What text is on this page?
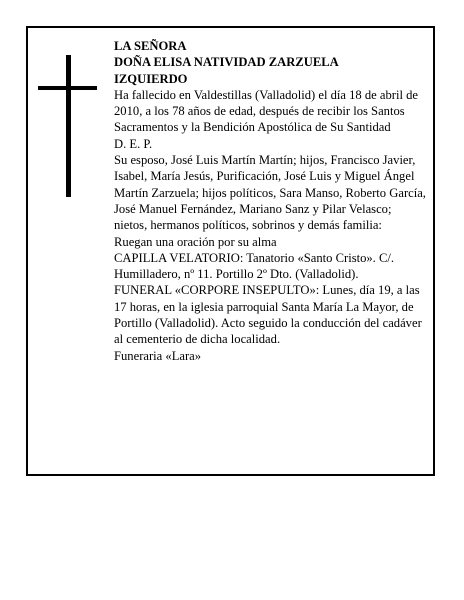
LA SEÑORA

DOÑA ELISA NATIVIDAD ZARZUELA

IZQUIERDO

Ha fallecido en Valdestillas (Valladolid) el día 18 de abril de 2010, a los 78 años de edad, después de recibir los Santos Sacramentos y la Bendición Apostólica de Su Santidad

D. E. P.

Su esposo, José Luis Martín Martín; hijos, Francisco Javier, Isabel, María Jesús, Purificación, José Luis y Miguel Ángel Martín Zarzuela; hijos políticos, Sara Manso, Roberto García, José Manuel Fernández, Mariano Sanz y Pilar Velasco; nietos, hermanos políticos, sobrinos y demás familia:

Ruegan una oración por su alma

CAPILLA VELATORIO: Tanatorio «Santo Cristo». C/. Humilladero, nº 11. Portillo 2º Dto. (Valladolid).

FUNERAL «CORPORE INSEPULTO»: Lunes, día 19, a las 17 horas, en la iglesia parroquial Santa María La Mayor, de Portillo (Valladolid). Acto seguido la conducción del cadáver al cementerio de dicha localidad.

Funeraria «Lara»
